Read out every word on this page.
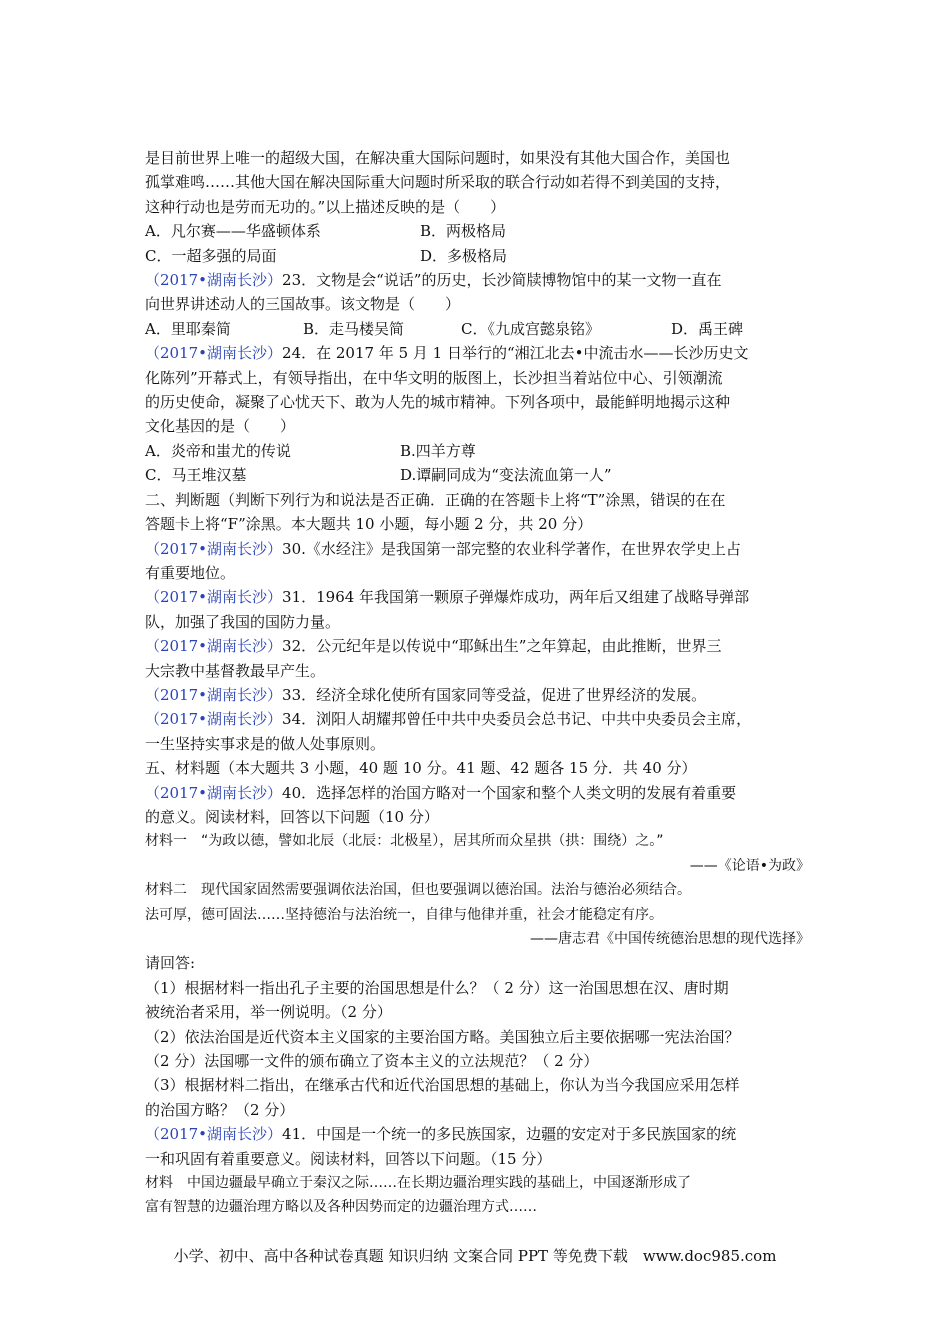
是目前世界上唯一的超级大国，在解决重大国际问题时，如果没有其他大国合作，美国也
孤掌难鸣……其他大国在解决国际重大问题时所采取的联合行动如若得不到美国的支持，
这种行动也是劳而无功的。”以上描述反映的是（　　）
A．凡尔赛——华盛顿体系	B．两极格局
C．一超多强的局面	D．多极格局
（2017•湖南长沙）23．文物是会“说话”的历史，长沙简牍博物馆中的某一文物一直在
向世界讲述动人的三国故事。该文物是（　　）
A．里耶秦简	B．走马楼吴简	C．《九成宫懿泉铭》	D．禹王碑
（2017•湖南长沙）24．在 2017 年 5 月 1 日举行的“湘江北去•中流击水——长沙历史文
化陈列”开幕式上，有领导指出，在中华文明的版图上，长沙担当着站位中心、引领潮流
的历史使命，凝聚了心忧天下、敢为人先的城市精神。下列各项中，最能鲜明地揭示这种
文化基因的是（　　）
A．炎帝和蚩尤的传说	B.四羊方尊
C．马王堆汉墓	D.谭嗣同成为“变法流血第一人”
二、判断题（判断下列行为和说法是否正确．正确的在答题卡上将“T”涂黑，错误的在在
答题卡上将“F”涂黑。本大题共 10 小题，每小题 2 分，共 20 分）
（2017•湖南长沙）30.《水经注》是我国第一部完整的农业科学著作，在世界农学史上占
有重要地位。
（2017•湖南长沙）31．1964 年我国第一颗原子弹爆炸成功，两年后又组建了战略导弹部
队，加强了我国的国防力量。
（2017•湖南长沙）32．公元纪年是以传说中“耶稣出生”之年算起，由此推断，世界三
大宗教中基督教最早产生。
（2017•湖南长沙）33．经济全球化使所有国家同等受益，促进了世界经济的发展。
（2017•湖南长沙）34．浏阳人胡耀邦曾任中共中央委员会总书记、中共中央委员会主席，
一生坚持实事求是的做人处事原则。
五、材料题（本大题共 3 小题，40 题 10 分。41 题、42 题各 15 分．共 40 分）
（2017•湖南长沙）40．选择怎样的治国方略对一个国家和整个人类文明的发展有着重要
的意义。阅读材料，回答以下问题（10 分）
材料一　“为政以德，譬如北辰（北辰：北极星），居其所而众星拱（拱：围绕）之。”
——《论语•为政》
材料二　现代国家固然需要强调依法治国，但也要强调以德治国。法治与德治必须结合。
法可厚，德可固法……坚持德治与法治统一，自律与他律并重，社会才能稳定有序。
——唐志君《中国传统德治思想的现代选择》
请回答:
（1）根据材料一指出孔子主要的治国思想是什么？（ 2 分）这一治国思想在汉、唐时期
被统治者采用，举一例说明。（2 分）
（2）依法治国是近代资本主义国家的主要治国方略。美国独立后主要依据哪一宪法治国？
（2 分）法国哪一文件的颁布确立了资本主义的立法规范？（ 2 分）
（3）根据材料二指出，在继承古代和近代治国思想的基础上，你认为当今我国应采用怎样
的治国方略？（2 分）
（2017•湖南长沙）41．中国是一个统一的多民族国家，边疆的安定对于多民族国家的统
一和巩固有着重要意义。阅读材料，回答以下问题。（15 分）
材料　中国边疆最早确立于秦汉之际……在长期边疆治理实践的基础上，中国逐渐形成了
富有智慧的边疆治理方略以及各种因势而定的边疆治理方式……
小学、初中、高中各种试卷真题 知识归纳 文案合同 PPT 等免费下载　www.doc985.com
